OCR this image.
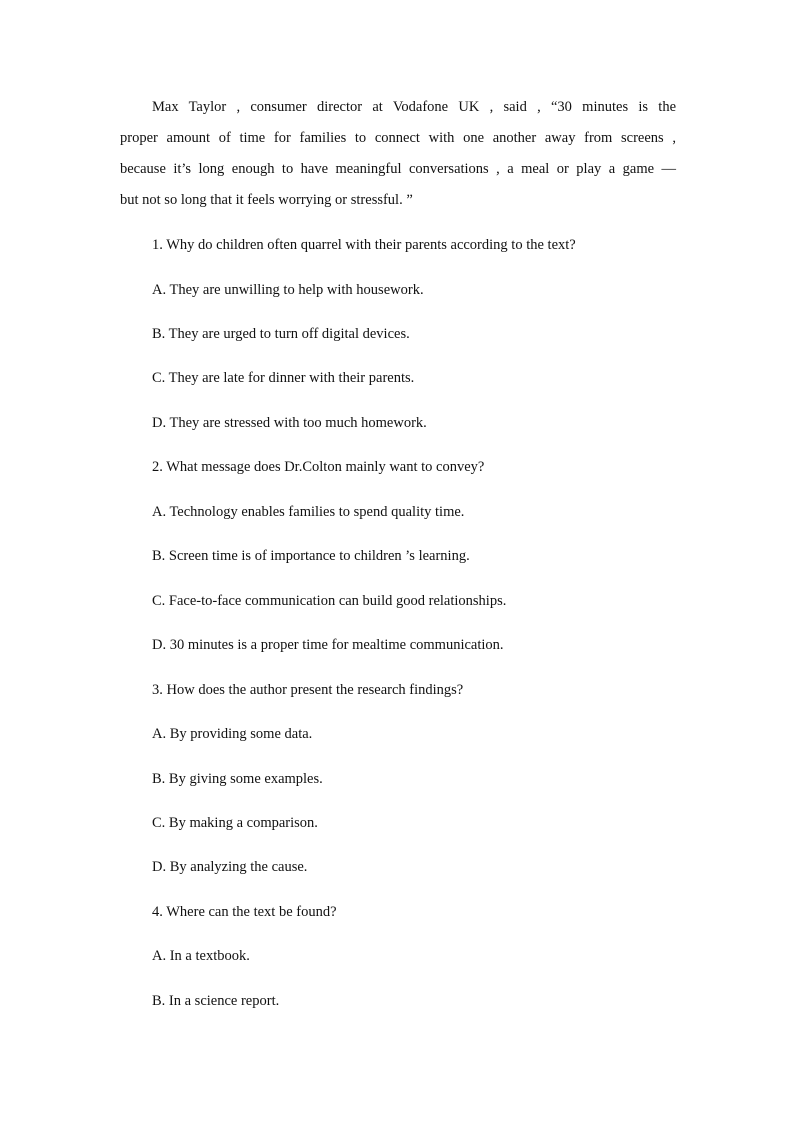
Max Taylor , consumer director at Vodafone UK , said , “30 minutes is the
proper amount of time for families to connect with one another away from screens ,
because it’s long enough to have meaningful conversations , a meal or play a game —
but not so long that it feels worrying or stressful. ”
1. Why do children often quarrel with their parents according to the text?
A. They are unwilling to help with housework.
B. They are urged to turn off digital devices.
C. They are late for dinner with their parents.
D. They are stressed with too much homework.
2. What message does Dr.Colton mainly want to convey?
A. Technology enables families to spend quality time.
B. Screen time is of importance to children ’s learning.
C. Face-to-face communication can build good relationships.
D. 30 minutes is a proper time for mealtime communication.
3. How does the author present the research findings?
A. By providing some data.
B. By giving some examples.
C. By making a comparison.
D. By analyzing the cause.
4. Where can the text be found?
A. In a textbook.
B. In a science report.
